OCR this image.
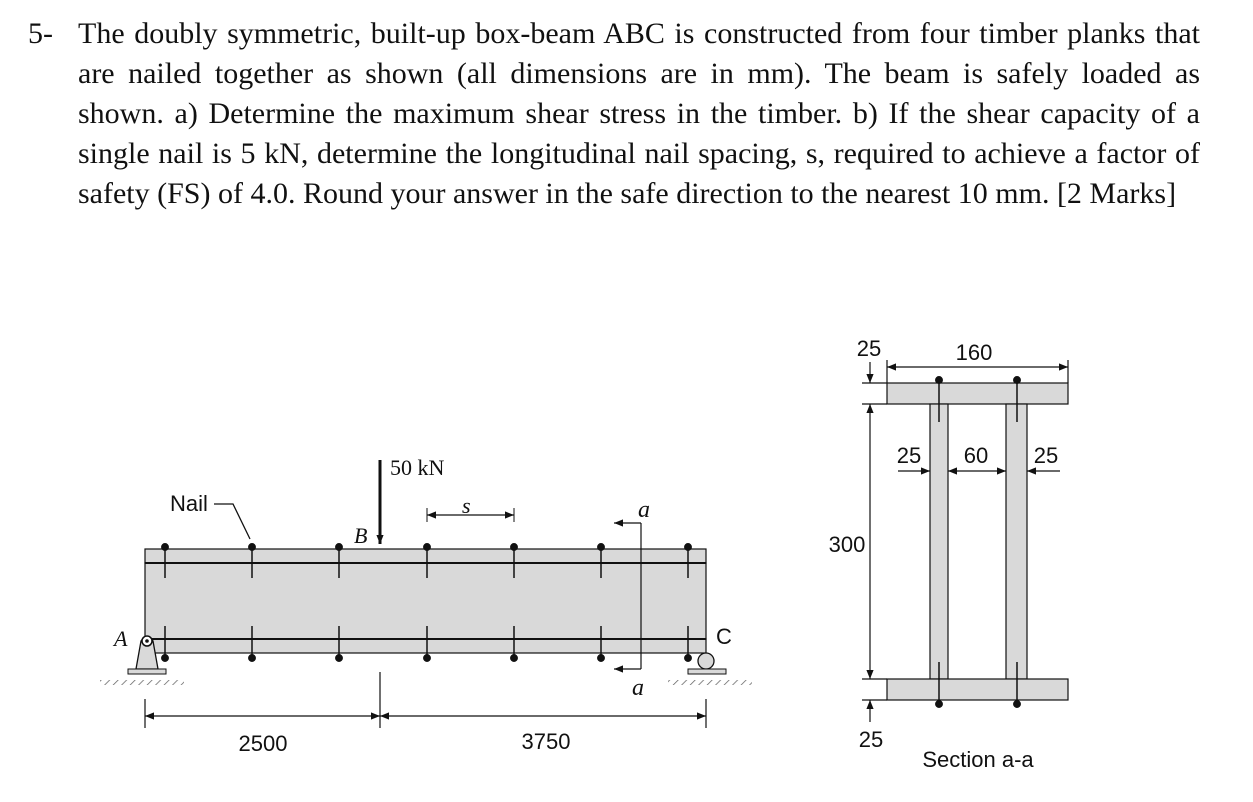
5- The doubly symmetric, built-up box-beam ABC is constructed from four timber planks that are nailed together as shown (all dimensions are in mm). The beam is safely loaded as shown. a) Determine the maximum shear stress in the timber. b) If the shear capacity of a single nail is 5 kN, determine the longitudinal nail spacing, s, required to achieve a factor of safety (FS) of 4.0. Round your answer in the safe direction to the nearest 10 mm. [2 Marks]
a
a
Nail	s
50 kN
B
A	C
2500	3750
160
25
300
25
25 60 25
Section a-a
